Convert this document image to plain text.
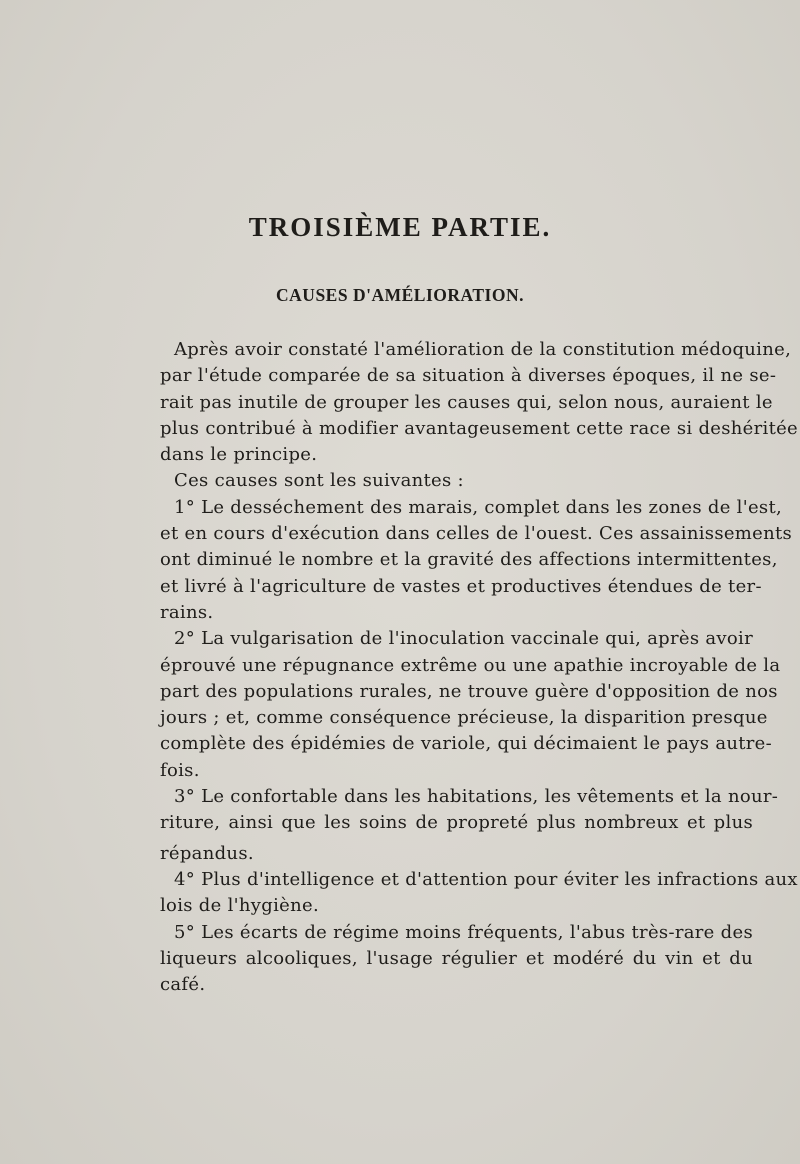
TROISIÈME PARTIE.
CAUSES D'AMÉLIORATION.
Après avoir constaté l'amélioration de la constitution médoquine,
par l'étude comparée de sa situation à diverses époques, il ne se-
rait pas inutile de grouper les causes qui, selon nous, auraient le
plus contribué à modifier avantageusement cette race si deshéritée
dans le principe.
Ces causes sont les suivantes :
1° Le desséchement des marais, complet dans les zones de l'est,
et en cours d'exécution dans celles de l'ouest. Ces assainissements
ont diminué le nombre et la gravité des affections intermittentes,
et livré à l'agriculture de vastes et productives étendues de ter-
rains.
2° La vulgarisation de l'inoculation vaccinale qui, après avoir
éprouvé une répugnance extrême ou une apathie incroyable de la
part des populations rurales, ne trouve guère d'opposition de nos
jours ; et, comme conséquence précieuse, la disparition presque
complète des épidémies de variole, qui décimaient le pays autre-
fois.
3° Le confortable dans les habitations, les vêtements et la nour-
riture, ainsi que les soins de propreté plus nombreux et plus
répandus.
4° Plus d'intelligence et d'attention pour éviter les infractions aux
lois de l'hygiène.
5° Les écarts de régime moins fréquents, l'abus très-rare des
liqueurs alcooliques, l'usage régulier et modéré du vin et du
café.
